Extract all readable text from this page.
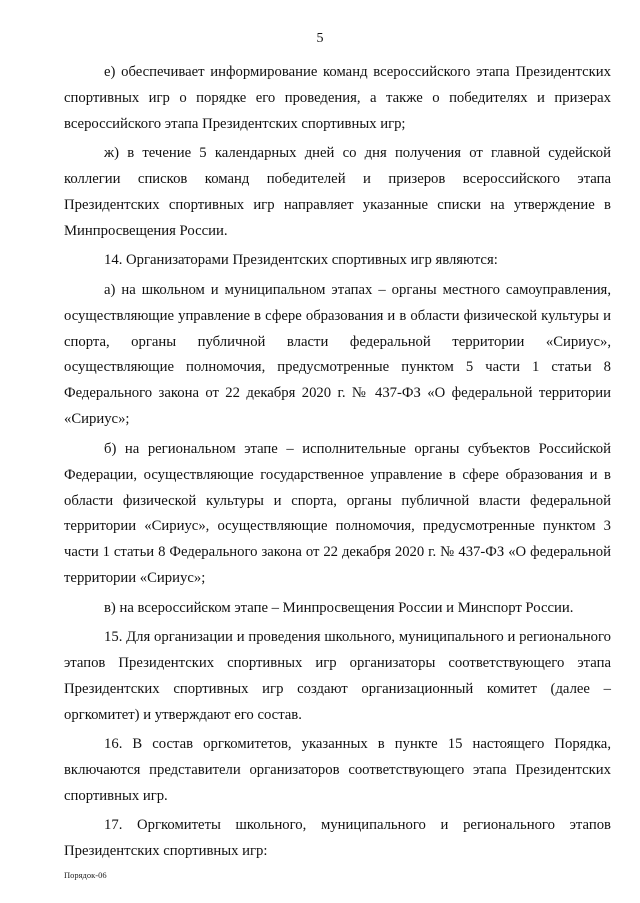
5

е) обеспечивает информирование команд всероссийского этапа Президентских спортивных игр о порядке его проведения, а также о победителях и призерах всероссийского этапа Президентских спортивных игр;

ж) в течение 5 календарных дней со дня получения от главной судейской коллегии списков команд победителей и призеров всероссийского этапа Президентских спортивных игр направляет указанные списки на утверждение в Минпросвещения России.

14. Организаторами Президентских спортивных игр являются:

а) на школьном и муниципальном этапах – органы местного самоуправления, осуществляющие управление в сфере образования и в области физической культуры и спорта, органы публичной власти федеральной территории «Сириус», осуществляющие полномочия, предусмотренные пунктом 5 части 1 статьи 8 Федерального закона от 22 декабря 2020 г. № 437-ФЗ «О федеральной территории «Сириус»;

б) на региональном этапе – исполнительные органы субъектов Российской Федерации, осуществляющие государственное управление в сфере образования и в области физической культуры и спорта, органы публичной власти федеральной территории «Сириус», осуществляющие полномочия, предусмотренные пунктом 3 части 1 статьи 8 Федерального закона от 22 декабря 2020 г. № 437-ФЗ «О федеральной территории «Сириус»;

в) на всероссийском этапе – Минпросвещения России и Минспорт России.

15. Для организации и проведения школьного, муниципального и регионального этапов Президентских спортивных игр организаторы соответствующего этапа Президентских спортивных игр создают организационный комитет (далее – оргкомитет) и утверждают его состав.

16. В состав оргкомитетов, указанных в пункте 15 настоящего Порядка, включаются представители организаторов соответствующего этапа Президентских спортивных игр.

17. Оргкомитеты школьного, муниципального и регионального этапов Президентских спортивных игр:

Порядок-06
